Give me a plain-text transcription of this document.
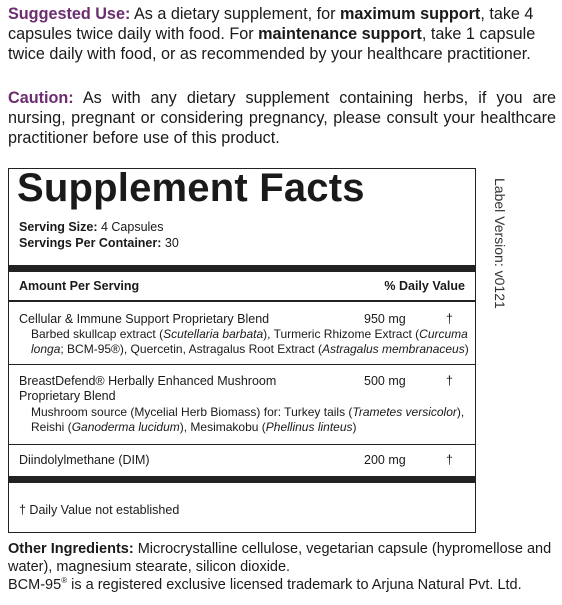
Suggested Use: As a dietary supplement, for maximum support, take 4 capsules twice daily with food. For maintenance support, take 1 capsule twice daily with food, or as recommended by your healthcare practitioner.
Caution: As with any dietary supplement containing herbs, if you are nursing, pregnant or considering pregnancy, please consult your healthcare practitioner before use of this product.
Supplement Facts
Serving Size: 4 Capsules
Servings Per Container: 30
Amount Per Serving	% Daily Value
Cellular & Immune Support Proprietary Blend	950 mg	†
Barbed skullcap extract (Scutellaria barbata), Turmeric Rhizome Extract (Curcuma longa; BCM-95®), Quercetin, Astragalus Root Extract (Astragalus membranaceus)
BreastDefend® Herbally Enhanced Mushroom
Proprietary Blend
500 mg	†
Mushroom source (Mycelial Herb Biomass) for: Turkey tails (Trametes versicolor), Reishi (Ganoderma lucidum), Mesimakobu (Phellinus linteus)
Diindolylmethane (DIM)	200 mg	†
† Daily Value not established
Label Version: v0121
Other Ingredients: Microcrystalline cellulose, vegetarian capsule (hypromellose and water), magnesium stearate, silicon dioxide.
BCM-95® is a registered exclusive licensed trademark to Arjuna Natural Pvt. Ltd.
